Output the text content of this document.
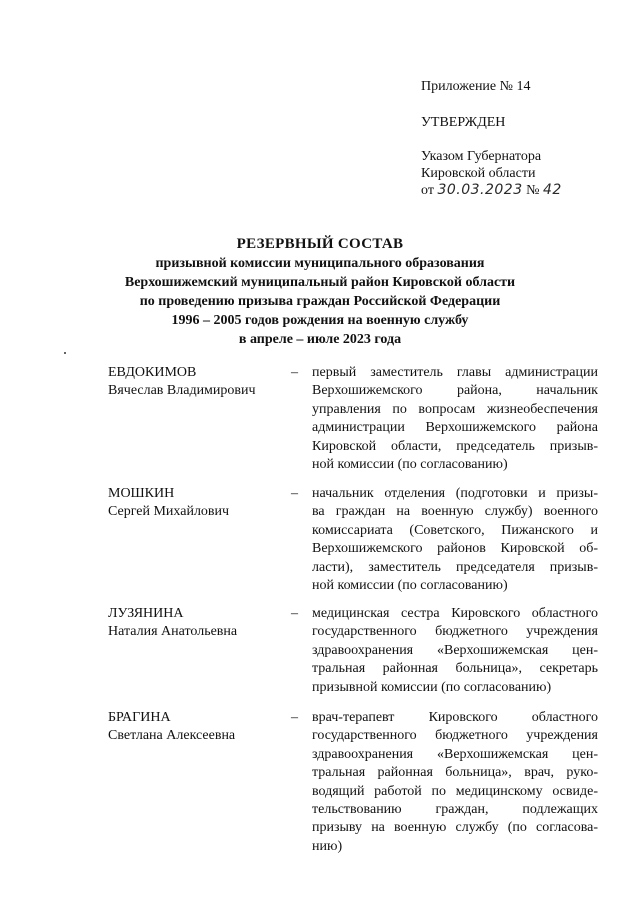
Приложение № 14
УТВЕРЖДЕН
Указом Губернатора
Кировской области
от 30.03.2023 № 42
РЕЗЕРВНЫЙ СОСТАВ
призывной комиссии муниципального образования
Верхошижемский муниципальный район Кировской области
по проведению призыва граждан Российской Федерации
1996 – 2005 годов рождения на военную службу
в апреле – июле 2023 года
ЕВДОКИМОВ
Вячеслав Владимирович
– первый заместитель главы администрации
Верхошижемского района, начальник
управления по вопросам жизнеобеспечения
администрации Верхошижемского района
Кировской области, председатель призыв-
ной комиссии (по согласованию)
МОШКИН
Сергей Михайлович
– начальник отделения (подготовки и призы-
ва граждан на военную службу) военного
комиссариата (Советского, Пижанского и
Верхошижемского районов Кировской об-
ласти), заместитель председателя призыв-
ной комиссии (по согласованию)
ЛУЗЯНИНА
Наталия Анатольевна
– медицинская сестра Кировского областного
государственного бюджетного учреждения
здравоохранения «Верхошижемская цен-
тральная районная больница», секретарь
призывной комиссии (по согласованию)
БРАГИНА
Светлана Алексеевна
– врач-терапевт Кировского областного
государственного бюджетного учреждения
здравоохранения «Верхошижемская цен-
тральная районная больница», врач, руко-
водящий работой по медицинскому освиде-
тельствованию граждан, подлежащих
призыву на военную службу (по согласова-
нию)
